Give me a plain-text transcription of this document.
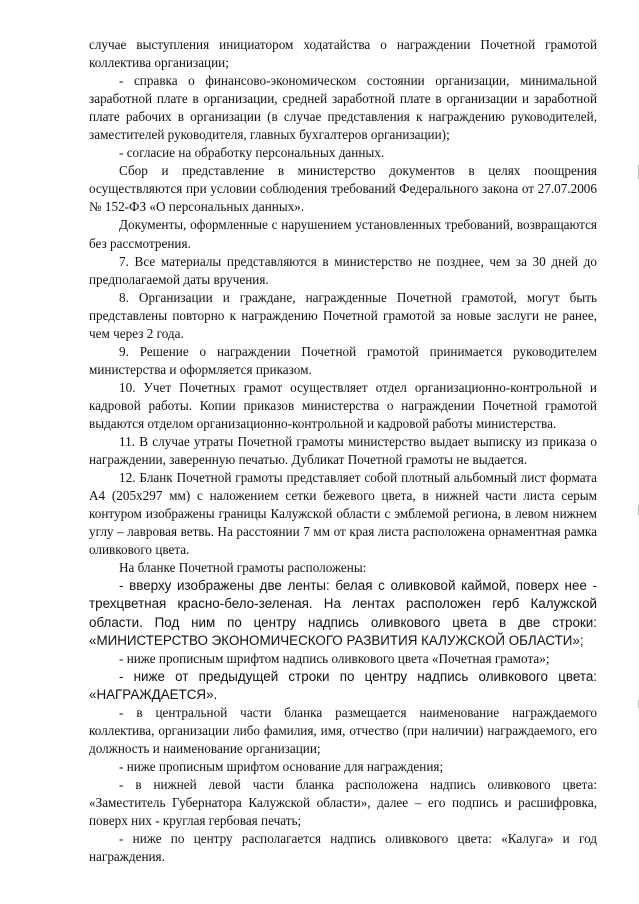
случае выступления инициатором ходатайства о награждении Почетной грамотой коллектива организации;

- справка о финансово-экономическом состоянии организации, минимальной заработной плате в организации, средней заработной плате в организации и заработной плате рабочих в организации (в случае представления к награждению руководителей, заместителей руководителя, главных бухгалтеров организации);

- согласие на обработку персональных данных.

Сбор и представление в министерство документов в целях поощрения осуществляются при условии соблюдения требований Федерального закона от 27.07.2006 № 152-ФЗ «О персональных данных».

Документы, оформленные с нарушением установленных требований, возвращаются без рассмотрения.

7. Все материалы представляются в министерство не позднее, чем за 30 дней до предполагаемой даты вручения.

8. Организации и граждане, награжденные Почетной грамотой, могут быть представлены повторно к награждению Почетной грамотой за новые заслуги не ранее, чем через 2 года.

9. Решение о награждении Почетной грамотой принимается руководителем министерства и оформляется приказом.

10. Учет Почетных грамот осуществляет отдел организационно-контрольной и кадровой работы. Копии приказов министерства о награждении Почетной грамотой выдаются отделом организационно-контрольной и кадровой работы министерства.

11. В случае утраты Почетной грамоты министерство выдает выписку из приказа о награждении, заверенную печатью. Дубликат Почетной грамоты не выдается.

12. Бланк Почетной грамоты представляет собой плотный альбомный лист формата А4 (205x297 мм) с наложением сетки бежевого цвета, в нижней части листа серым контуром изображены границы Калужской области с эмблемой региона, в левом нижнем углу – лавровая ветвь. На расстоянии 7 мм от края листа расположена орнаментная рамка оливкового цвета.

На бланке Почетной грамоты расположены:

- вверху изображены две ленты: белая с оливковой каймой, поверх нее - трехцветная красно-бело-зеленая. На лентах расположен герб Калужской области. Под ним по центру надпись оливкового цвета в две строки: «МИНИСТЕРСТВО ЭКОНОМИЧЕСКОГО РАЗВИТИЯ КАЛУЖСКОЙ ОБЛАСТИ»;

- ниже прописным шрифтом надпись оливкового цвета «Почетная грамота»;

- ниже от предыдущей строки по центру надпись оливкового цвета: «НАГРАЖДАЕТСЯ».

- в центральной части бланка размещается наименование награждаемого коллектива, организации либо фамилия, имя, отчество (при наличии) награждаемого, его должность и наименование организации;

- ниже прописным шрифтом основание для награждения;

- в нижней левой части бланка расположена надпись оливкового цвета: «Заместитель Губернатора Калужской области», далее – его подпись и расшифровка, поверх них - круглая гербовая печать;

- ниже по центру располагается надпись оливкового цвета: «Калуга» и год награждения.
